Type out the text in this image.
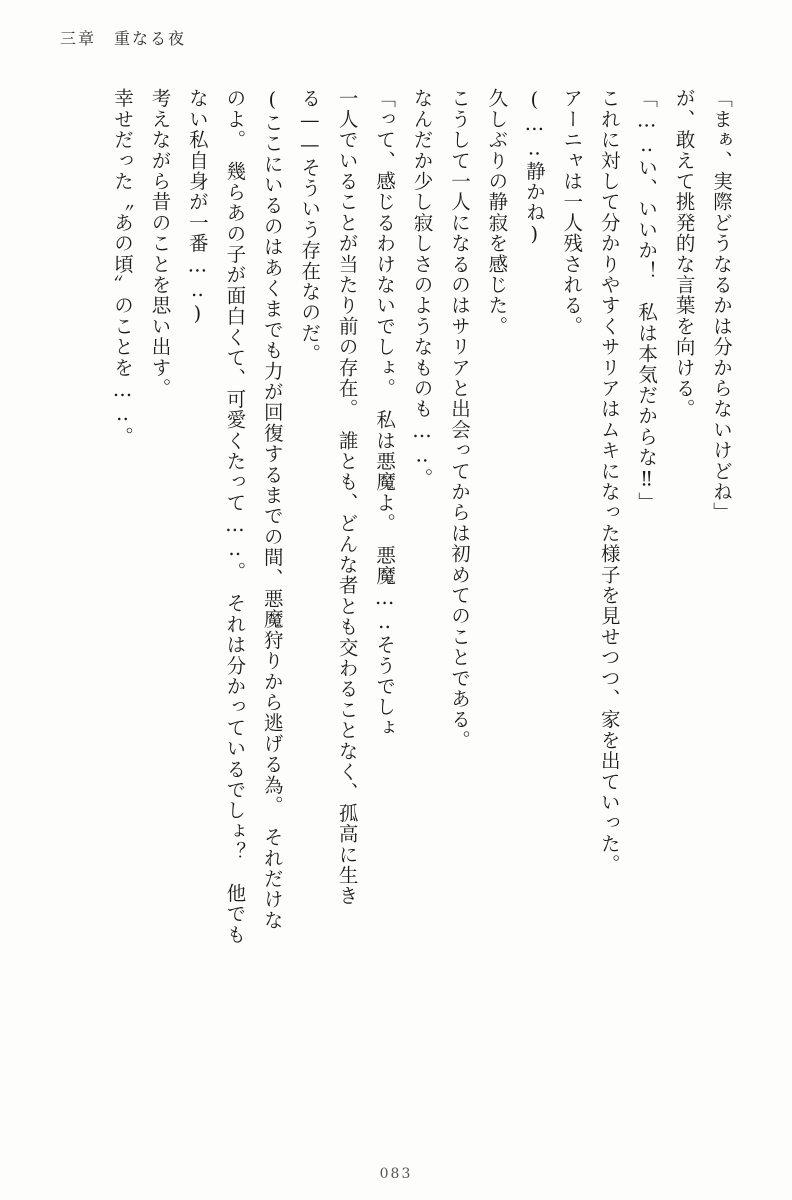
三章 重なる夜

「まぁ、実際どうなるかは分からないけどね」

が、敢えて挑発的な言葉を向ける。

「…‥い、いいか！　私は本気だからな‼」

これに対して分かりやすくサリアはムキになった様子を見せつつ、家を出ていった。

アーニャは一人残される。

(…‥静かね)

久しぶりの静寂を感じた。

こうして一人になるのはサリアと出会ってからは初めてのことである。

なんだか少し寂しさのようなものも…‥。

「って、感じるわけないでしょ。　私は悪魔よ。　悪魔…‥そうでしょ

一人でいることが当たり前の存在。　誰とも、どんな者とも交わることなく、孤高に生き

る——そういう存在なのだ。

(ここにいるのはあくまでも力が回復するまでの間、悪魔狩りから逃げる為。　それだけな

のよ。　幾らあの子が面白くて、可愛くたって…‥。　それは分かっているでしょ？　他でも

ない私自身が一番…‥)

考えながら昔のことを思い出す。

幸せだった〝あの頃〟のことを…‥。

083
